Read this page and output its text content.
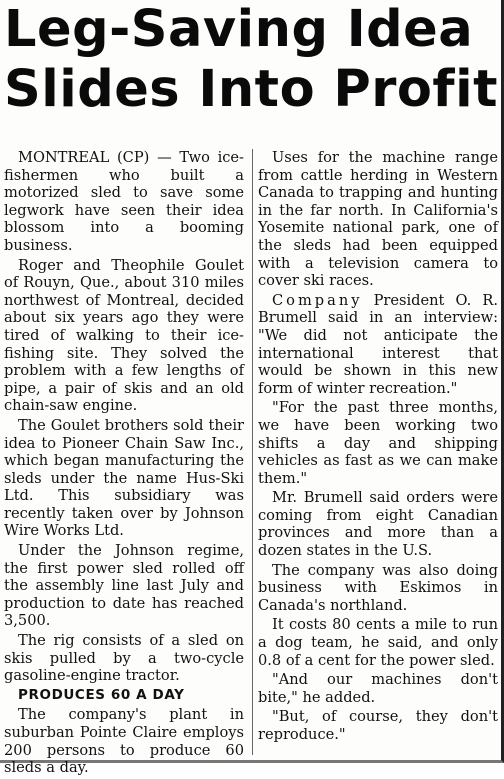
Leg-Saving Idea
Slides Into Profit

MONTREAL (CP) — Two ice-fishermen who built a motorized sled to save some legwork have seen their idea blossom into a booming business.

Roger and Theophile Goulet of Rouyn, Que., about 310 miles northwest of Montreal, decided about six years ago they were tired of walking to their ice-fishing site. They solved the problem with a few lengths of pipe, a pair of skis and an old chain-saw engine.

The Goulet brothers sold their idea to Pioneer Chain Saw Inc., which began manufacturing the sleds under the name Hus-Ski Ltd. This subsidiary was recently taken over by Johnson Wire Works Ltd.

Under the Johnson regime, the first power sled rolled off the assembly line last July and production to date has reached 3,500.

The rig consists of a sled on skis pulled by a two-cycle gasoline-engine tractor.

PRODUCES 60 A DAY

The company's plant in suburban Pointe Claire employs 200 persons to produce 60 sleds a day.

Uses for the machine range from cattle herding in Western Canada to trapping and hunting in the far north. In California's Yosemite national park, one of the sleds had been equipped with a television camera to cover ski races.

Company President O. R. Brumell said in an interview: "We did not anticipate the international interest that would be shown in this new form of winter recreation."

"For the past three months, we have been working two shifts a day and shipping vehicles as fast as we can make them."

Mr. Brumell said orders were coming from eight Canadian provinces and more than a dozen states in the U.S.

The company was also doing business with Eskimos in Canada's northland.

It costs 80 cents a mile to run a dog team, he said, and only 0.8 of a cent for the power sled.

"And our machines don't bite," he added.

"But, of course, they don't reproduce."
